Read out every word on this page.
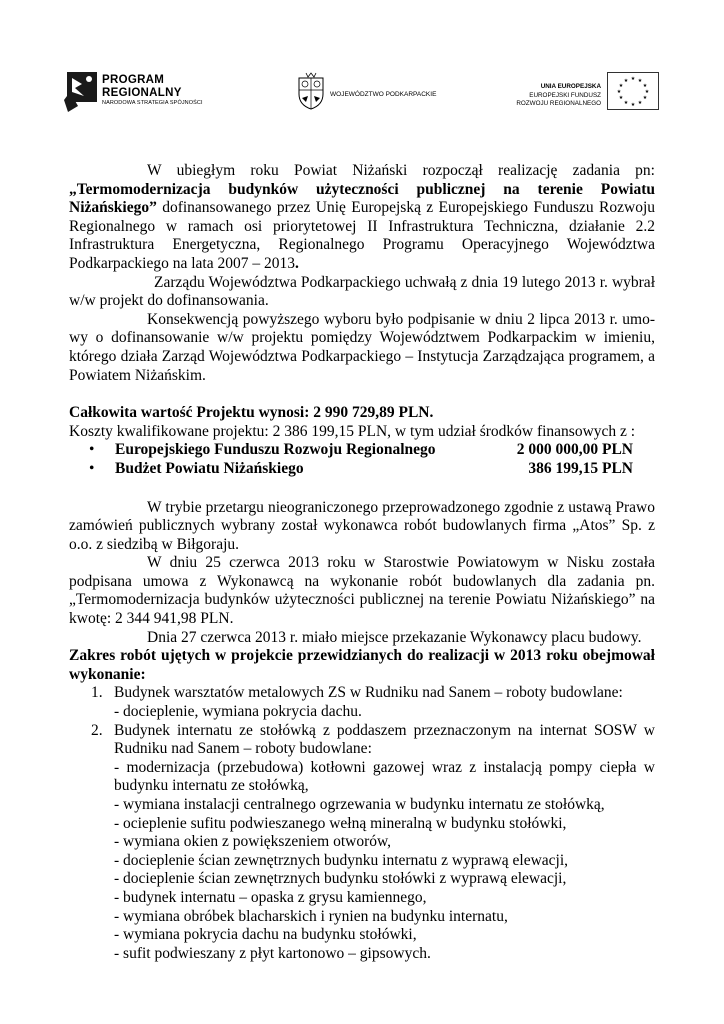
PROGRAM
REGIONALNY
NARODOWA STRATEGIA SPÓJNOŚCI
WOJEWÓDZTWO PODKARPACKIE
UNIA EUROPEJSKA
EUROPEJSKI FUNDUSZ
ROZWOJU REGIONALNEGO
★ ★
★
★
★
★
★
★
★
★
★
★

W ubiegłym roku Powiat Niżański rozpoczął realizację zadania pn: „Termomodernizacja budynków użyteczności publicznej na terenie Powiatu Niżańskiego” dofinansowanego przez Unię Europejską z Europejskiego Funduszu Rozwoju Regionalnego w ramach osi priorytetowej II Infrastruktura Techniczna, działanie 2.2 Infrastruktura Energetyczna, Regionalnego Programu Operacyjnego Województwa Podkarpackiego na lata 2007 – 2013.

Zarządu Województwa Podkarpackiego uchwałą z dnia 19 lutego 2013 r. wybrał w/w projekt do dofinansowania.

Konsekwencją powyższego wyboru było podpisanie w dniu 2 lipca 2013 r. umo-wy o dofinansowanie w/w projektu pomiędzy Województwem Podkarpackim w imieniu, którego działa Zarząd Województwa Podkarpackiego – Instytucja Zarządzająca programem, a Powiatem Niżańskim.

Całkowita wartość Projektu wynosi: 2 990 729,89 PLN.

Koszty kwalifikowane projektu: 2 386 199,15 PLN, w tym udział środków finansowych z :

• Europejskiego Funduszu Rozwoju Regionalnego	2 000 000,00 PLN
• Budżet Powiatu Niżańskiego	386 199,15 PLN

W trybie przetargu nieograniczonego przeprowadzonego zgodnie z ustawą Prawo zamówień publicznych wybrany został wykonawca robót budowlanych firma „Atos” Sp. z o.o. z siedzibą w Biłgoraju.

W dniu 25 czerwca 2013 roku w Starostwie Powiatowym w Nisku została podpisana umowa z Wykonawcą na wykonanie robót budowlanych dla zadania pn. „Termomodernizacja budynków użyteczności publicznej na terenie Powiatu Niżańskiego” na kwotę: 2 344 941,98 PLN.

Dnia 27 czerwca 2013 r. miało miejsce przekazanie Wykonawcy placu budowy.

Zakres robót ujętych w projekcie przewidzianych do realizacji w 2013 roku obejmował wykonanie:

1. Budynek warsztatów metalowych ZS w Rudniku nad Sanem – roboty budowlane:
- docieplenie, wymiana pokrycia dachu.
2. Budynek internatu ze stołówką z poddaszem przeznaczonym na internat SOSW w Rudniku nad Sanem – roboty budowlane:
- modernizacja (przebudowa) kotłowni gazowej wraz z instalacją pompy ciepła w budynku internatu ze stołówką,
- wymiana instalacji centralnego ogrzewania w budynku internatu ze stołówką,
- ocieplenie sufitu podwieszanego wełną mineralną w budynku stołówki,
- wymiana okien z powiększeniem otworów,
- docieplenie ścian zewnętrznych budynku internatu z wyprawą elewacji,
- docieplenie ścian zewnętrznych budynku stołówki z wyprawą elewacji,
- budynek internatu – opaska z grysu kamiennego,
- wymiana obróbek blacharskich i rynien na budynku internatu,
- wymiana pokrycia dachu na budynku stołówki,
- sufit podwieszany z płyt kartonowo – gipsowych.
